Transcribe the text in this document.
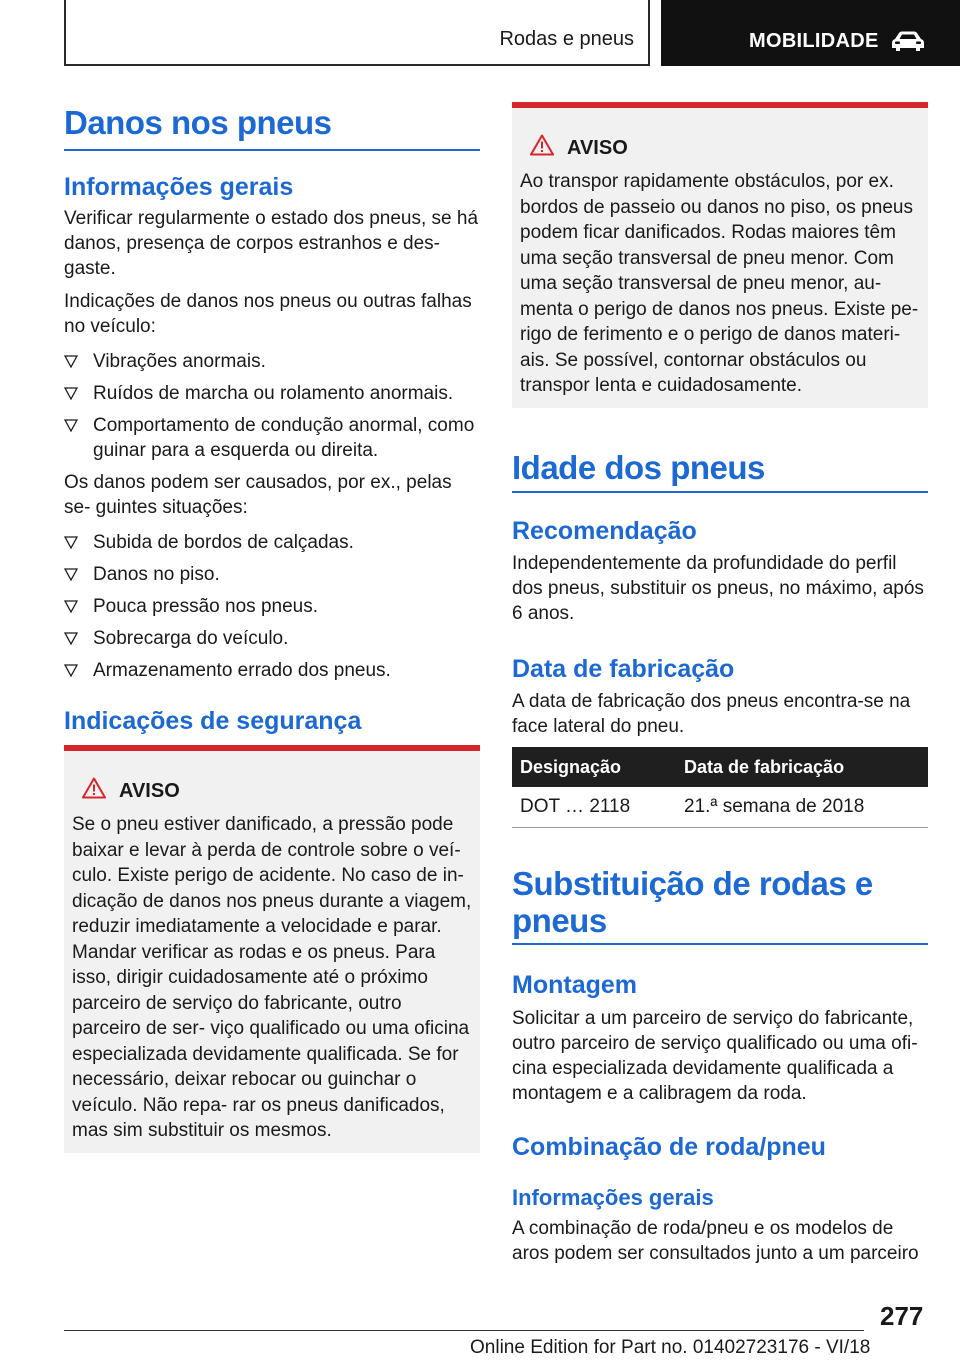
Rodas e pneus	MOBILIDADE
Danos nos pneus
Informações gerais
Verificar regularmente o estado dos pneus, se há danos, presença de corpos estranhos e des- gaste.
Indicações de danos nos pneus ou outras falhas no veículo:
Vibrações anormais.
Ruídos de marcha ou rolamento anormais.
Comportamento de condução anormal, como guinar para a esquerda ou direita.
Os danos podem ser causados, por ex., pelas se- guintes situações:
Subida de bordos de calçadas.
Danos no piso.
Pouca pressão nos pneus.
Sobrecarga do veículo.
Armazenamento errado dos pneus.
Indicações de segurança
AVISO
Se o pneu estiver danificado, a pressão pode baixar e levar à perda de controle sobre o veí- culo. Existe perigo de acidente. No caso de in- dicação de danos nos pneus durante a viagem, reduzir imediatamente a velocidade e parar. Mandar verificar as rodas e os pneus. Para isso, dirigir cuidadosamente até o próximo parceiro de serviço do fabricante, outro parceiro de ser- viço qualificado ou uma oficina especializada devidamente qualificada. Se for necessário, deixar rebocar ou guinchar o veículo. Não repa- rar os pneus danificados, mas sim substituir os mesmos.
AVISO
Ao transpor rapidamente obstáculos, por ex. bordos de passeio ou danos no piso, os pneus podem ficar danificados. Rodas maiores têm uma seção transversal de pneu menor. Com uma seção transversal de pneu menor, au- menta o perigo de danos nos pneus. Existe pe- rigo de ferimento e o perigo de danos materi- ais. Se possível, contornar obstáculos ou transpor lenta e cuidadosamente.
Idade dos pneus
Recomendação
Independentemente da profundidade do perfil dos pneus, substituir os pneus, no máximo, após 6 anos.
Data de fabricação
A data de fabricação dos pneus encontra-se na face lateral do pneu.
Designação	Data de fabricação
DOT … 2118	21.ª semana de 2018
Substituição de rodas e pneus
Montagem
Solicitar a um parceiro de serviço do fabricante, outro parceiro de serviço qualificado ou uma ofi- cina especializada devidamente qualificada a montagem e a calibragem da roda.
Combinação de roda/pneu
Informações gerais
A combinação de roda/pneu e os modelos de aros podem ser consultados junto a um parceiro
277
Online Edition for Part no. 01402723176 - VI/18
